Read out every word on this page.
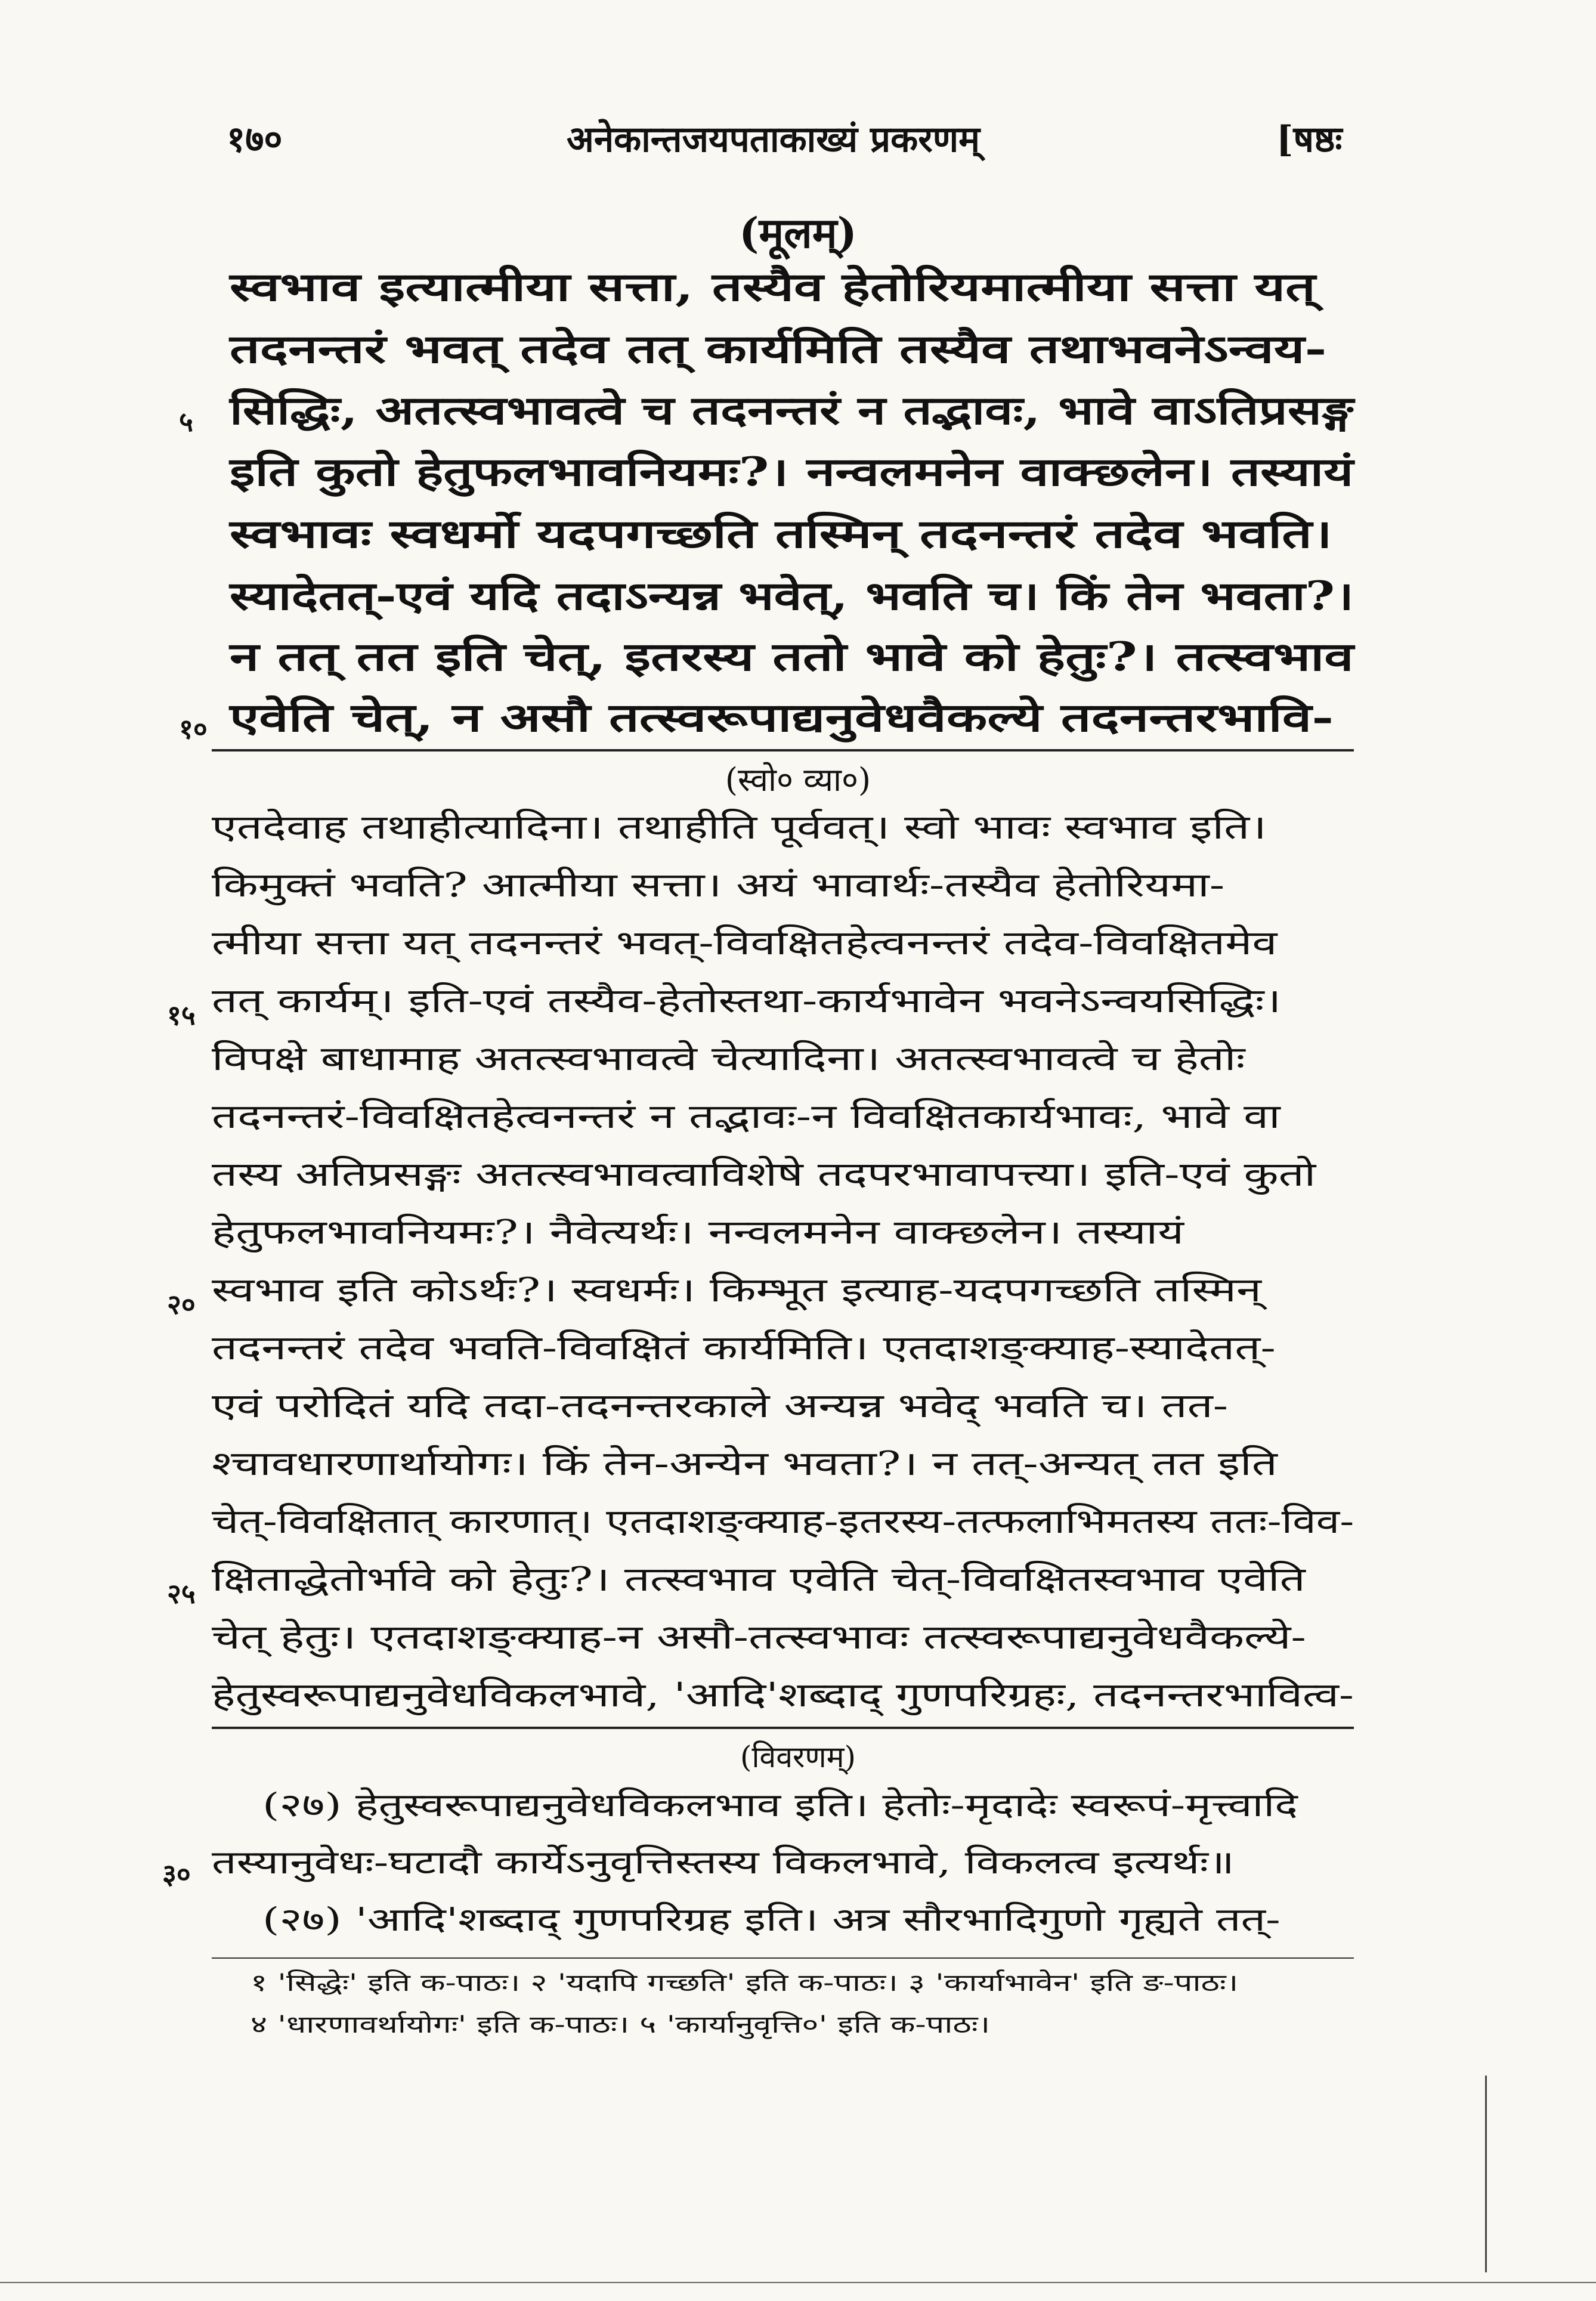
१७०	अनेकान्तजयपताकाख्यं प्रकरणम्	[षष्ठः
(मूलम्)
स्वभाव इत्यात्मीया सत्ता, तस्यैव हेतोरियमात्मीया सत्ता यत्
तदनन्तरं भवत् तदेव तत् कार्यमिति तस्यैव तथाभवनेऽन्वय-
सिद्धिः, अतत्स्वभावत्वे च तदनन्तरं न तद्भावः, भावे वाऽतिप्रसङ्ग
इति कुतो हेतुफलभावनियमः?। नन्वलमनेन वाक्छलेन। तस्यायं
स्वभावः स्वधर्मो यदपगच्छति तस्मिन् तदनन्तरं तदेव भवति।
स्यादेतत्-एवं यदि तदाऽन्यन्न भवेत्, भवति च। किं तेन भवता?।
न तत् तत इति चेत्, इतरस्य ततो भावे को हेतुः?। तत्स्वभाव
एवेति चेत्, न असौ तत्स्वरूपाद्यनुवेधवैकल्ये तदनन्तरभावि-
५
१०
(स्वो० व्या०)
एतदेवाह तथाहीत्यादिना। तथाहीति पूर्ववत्। स्वो भावः स्वभाव इति।
किमुक्तं भवति? आत्मीया सत्ता। अयं भावार्थः-तस्यैव हेतोरियमा-
त्मीया सत्ता यत् तदनन्तरं भवत्-विवक्षितहेत्वनन्तरं तदेव-विवक्षितमेव
तत् कार्यम्। इति-एवं तस्यैव-हेतोस्तथा-कार्यभावेन भवनेऽन्वयसिद्धिः।
विपक्षे बाधामाह अतत्स्वभावत्वे चेत्यादिना। अतत्स्वभावत्वे च हेतोः
तदनन्तरं-विवक्षितहेत्वनन्तरं न तद्भावः-न विवक्षितकार्यभावः, भावे वा
तस्य अतिप्रसङ्गः अतत्स्वभावत्वाविशेषे तदपरभावापत्त्या। इति-एवं कुतो
हेतुफलभावनियमः?। नैवेत्यर्थः। नन्वलमनेन वाक्छलेन। तस्यायं
स्वभाव इति कोऽर्थः?। स्वधर्मः। किम्भूत इत्याह-यदपगच्छति तस्मिन्
तदनन्तरं तदेव भवति-विवक्षितं कार्यमिति। एतदाशङ्क्याह-स्यादेतत्-
एवं परोदितं यदि तदा-तदनन्तरकाले अन्यन्न भवेद् भवति च। तत-
श्चावधारणार्थायोगः। किं तेन-अन्येन भवता?। न तत्-अन्यत् तत इति
चेत्-विवक्षितात् कारणात्। एतदाशङ्क्याह-इतरस्य-तत्फलाभिमतस्य ततः-विव-
क्षिताद्धेतोर्भावे को हेतुः?। तत्स्वभाव एवेति चेत्-विवक्षितस्वभाव एवेति
चेत् हेतुः। एतदाशङ्क्याह-न असौ-तत्स्वभावः तत्स्वरूपाद्यनुवेधवैकल्ये-
हेतुस्वरूपाद्यनुवेधविकलभावे, 'आदि'शब्दाद् गुणपरिग्रहः, तदनन्तरभावित्व-
१५
२०
२५
(विवरणम्)
(२७) हेतुस्वरूपाद्यनुवेधविकलभाव इति। हेतोः-मृदादेः स्वरूपं-मृत्त्वादि
तस्यानुवेधः-घटादौ कार्येऽनुवृत्तिस्तस्य विकलभावे, विकलत्व इत्यर्थः॥
(२७) 'आदि'शब्दाद् गुणपरिग्रह इति। अत्र सौरभादिगुणो गृह्यते तत्-
३०
१ 'सिद्धेः' इति क-पाठः। २ 'यदापि गच्छति' इति क-पाठः। ३ 'कार्याभावेन' इति ङ-पाठः।
४ 'धारणावर्थायोगः' इति क-पाठः। ५ 'कार्यानुवृत्ति०' इति क-पाठः।
